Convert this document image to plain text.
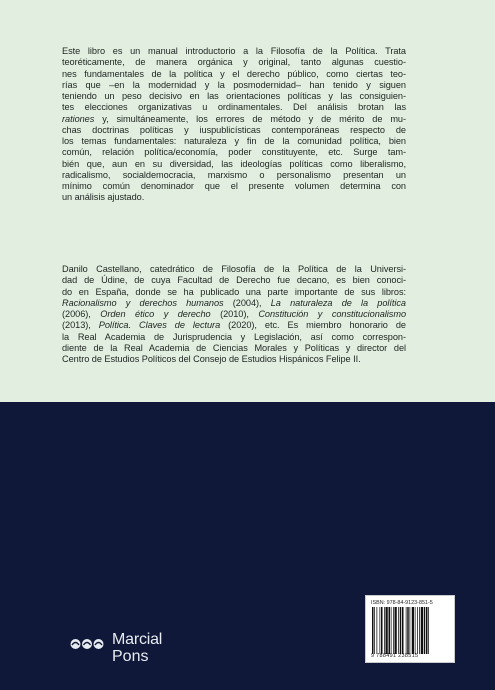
Este libro es un manual introductorio a la Filosofía de la Política. Trata
teoréticamente, de manera orgánica y original, tanto algunas cuestio-
nes fundamentales de la política y el derecho público, como ciertas teo-
rías que –en la modernidad y la posmodernidad– han tenido y siguen
teniendo un peso decisivo en las orientaciones políticas y las consiguien-
tes elecciones organizativas u ordinamentales. Del análisis brotan las
rationes y, simultáneamente, los errores de método y de mérito de mu-
chas doctrinas políticas y iuspublicísticas contemporáneas respecto de
los temas fundamentales: naturaleza y fin de la comunidad política, bien
común, relación política/economía, poder constituyente, etc. Surge tam-
bién que, aun en su diversidad, las ideologías políticas como liberalismo,
radicalismo, socialdemocracia, marxismo o personalismo presentan un
mínimo común denominador que el presente volumen determina con
un análisis ajustado.
Danilo Castellano, catedrático de Filosofía de la Política de la Universi-
dad de Údine, de cuya Facultad de Derecho fue decano, es bien conoci-
do en España, donde se ha publicado una parte importante de sus libros:
Racionalismo y derechos humanos (2004), La naturaleza de la política
(2006), Orden ético y derecho (2010), Constitución y constitucionalismo
(2013), Política. Claves de lectura (2020), etc. Es miembro honorario de
la Real Academia de Jurisprudencia y Legislación, así como correspon-
diente de la Real Academia de Ciencias Morales y Políticas y director del
Centro de Estudios Políticos del Consejo de Estudios Hispánicos Felipe II.
Marcial
Pons
ISBN: 978-84-9123-851-5
9 788491 238515
